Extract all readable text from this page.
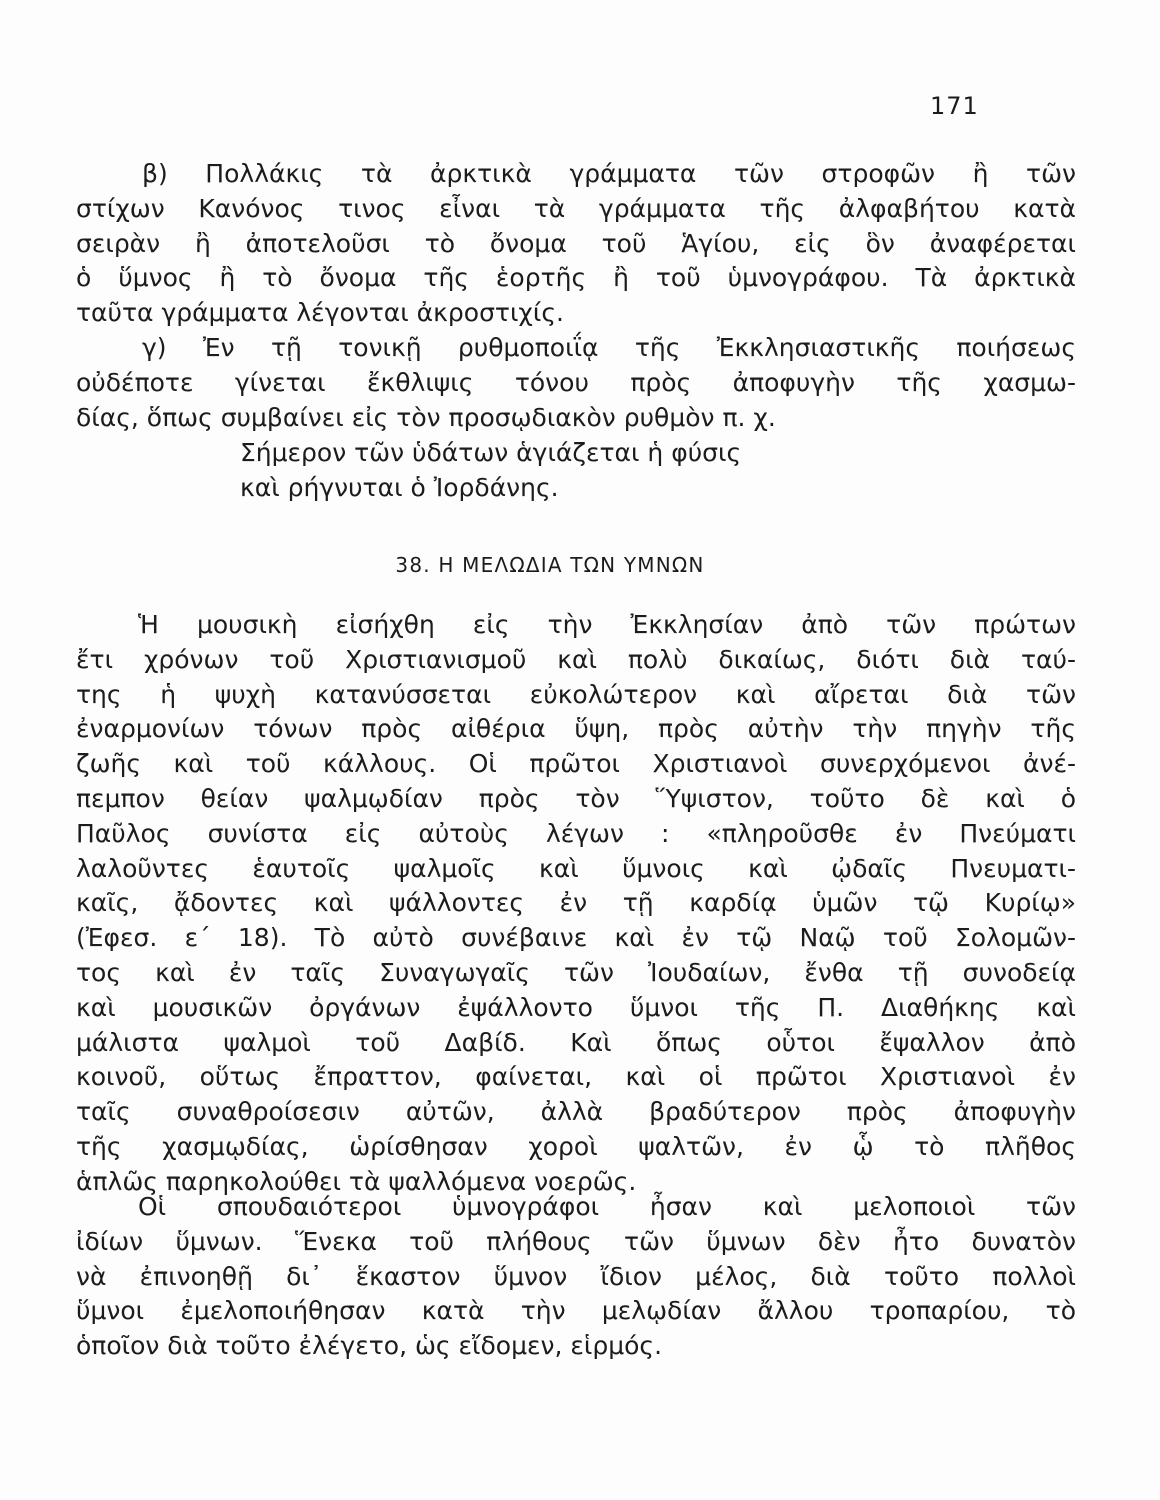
171
β) Πολλάκις τὰ ἀρκτικὰ γράμματα τῶν στροφῶν ἢ τῶν
στίχων Κανόνος τινος εἶναι τὰ γράμματα τῆς ἀλφαβήτου κατὰ
σειρὰν ἢ ἀποτελοῦσι τὸ ὄνομα τοῦ Ἁγίου, εἰς ὃν ἀναφέρεται
ὁ ὕμνος ἢ τὸ ὄνομα τῆς ἑορτῆς ἢ τοῦ ὑμνογράφου. Τὰ ἀρκτικὰ
ταῦτα γράμματα λέγονται ἀκροστιχίς.
γ) Ἐν τῇ τονικῇ ρυθμοποιΐᾳ τῆς Ἐκκλησιαστικῆς ποιήσεως
οὐδέποτε γίνεται ἔκθλιψις τόνου πρὸς ἀποφυγὴν τῆς χασμω-
δίας, ὅπως συμβαίνει εἰς τὸν προσῳδιακὸν ρυθμὸν π. χ.
Σήμερον τῶν ὑδάτων ἁγιάζεται ἡ φύσις
καὶ ρήγνυται ὁ Ἰορδάνης.
38. Η ΜΕΛΩΔΙΑ ΤΩΝ ΥΜΝΩΝ
Ἡ μουσικὴ εἰσήχθη εἰς τὴν Ἐκκλησίαν ἀπὸ τῶν πρώτων
ἔτι χρόνων τοῦ Χριστιανισμοῦ καὶ πολὺ δικαίως, διότι διὰ ταύ-
της ἡ ψυχὴ κατανύσσεται εὐκολώτερον καὶ αἴρεται διὰ τῶν
ἐναρμονίων τόνων πρὸς αἰθέρια ὕψη, πρὸς αὐτὴν τὴν πηγὴν τῆς
ζωῆς καὶ τοῦ κάλλους. Οἱ πρῶτοι Χριστιανοὶ συνερχόμενοι ἀνέ-
πεμπον θείαν ψαλμῳδίαν πρὸς τὸν Ὕψιστον, τοῦτο δὲ καὶ ὁ
Παῦλος συνίστα εἰς αὐτοὺς λέγων : «πληροῦσθε ἐν Πνεύματι
λαλοῦντες ἑαυτοῖς ψαλμοῖς καὶ ὕμνοις καὶ ᾠδαῖς Πνευματι-
καῖς, ᾄδοντες καὶ ψάλλοντες ἐν τῇ καρδίᾳ ὑμῶν τῷ Κυρίῳ»
(Ἐφεσ. ε΄ 18). Τὸ αὐτὸ συνέβαινε καὶ ἐν τῷ Ναῷ τοῦ Σολομῶν-
τος καὶ ἐν ταῖς Συναγωγαῖς τῶν Ἰουδαίων, ἔνθα τῇ συνοδείᾳ
καὶ μουσικῶν ὀργάνων ἐψάλλοντο ὕμνοι τῆς Π. Διαθήκης καὶ
μάλιστα ψαλμοὶ τοῦ Δαβίδ. Καὶ ὅπως οὗτοι ἔψαλλον ἀπὸ
κοινοῦ, οὕτως ἔπραττον, φαίνεται, καὶ οἱ πρῶτοι Χριστιανοὶ ἐν
ταῖς συναθροίσεσιν αὐτῶν, ἀλλὰ βραδύτερον πρὸς ἀποφυγὴν
τῆς χασμῳδίας, ὡρίσθησαν χοροὶ ψαλτῶν, ἐν ᾧ τὸ πλῆθος
ἁπλῶς παρηκολούθει τὰ ψαλλόμενα νοερῶς.
Οἱ σπουδαιότεροι ὑμνογράφοι ἦσαν καὶ μελοποιοὶ τῶν
ἰδίων ὕμνων. Ἕνεκα τοῦ πλήθους τῶν ὕμνων δὲν ἦτο δυνατὸν
νὰ ἐπινοηθῇ δι᾿ ἕκαστον ὕμνον ἴδιον μέλος, διὰ τοῦτο πολλοὶ
ὕμνοι ἐμελοποιήθησαν κατὰ τὴν μελῳδίαν ἄλλου τροπαρίου, τὸ
ὁποῖον διὰ τοῦτο ἐλέγετο, ὡς εἴδομεν, εἱρμός.
